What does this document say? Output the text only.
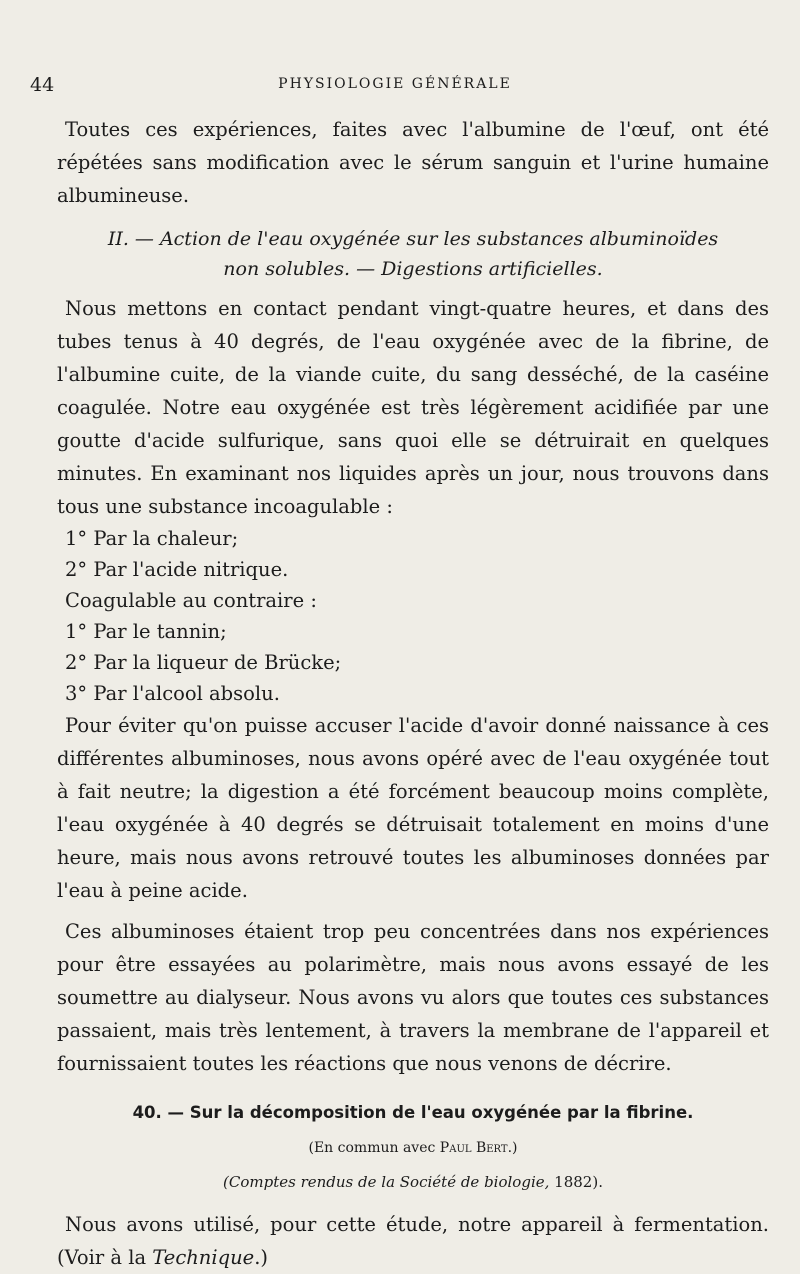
44	PHYSIOLOGIE GÉNÉRALE

Toutes ces expériences, faites avec l'albumine de l'œuf, ont été répétées sans modification avec le sérum sanguin et l'urine humaine albumineuse.

II. — Action de l'eau oxygénée sur les substances albuminoïdes
non solubles. — Digestions artificielles.

Nous mettons en contact pendant vingt-quatre heures, et dans des tubes tenus à 40 degrés, de l'eau oxygénée avec de la fibrine, de l'albumine cuite, de la viande cuite, du sang desséché, de la caséine coagulée. Notre eau oxygénée est très légèrement acidifiée par une goutte d'acide sulfurique, sans quoi elle se détruirait en quelques minutes. En examinant nos liquides après un jour, nous trouvons dans tous une substance incoagulable :

1° Par la chaleur;
2° Par l'acide nitrique.
Coagulable au contraire :
1° Par le tannin;
2° Par la liqueur de Brücke;
3° Par l'alcool absolu.

Pour éviter qu'on puisse accuser l'acide d'avoir donné naissance à ces différentes albuminoses, nous avons opéré avec de l'eau oxygénée tout à fait neutre; la digestion a été forcément beaucoup moins complète, l'eau oxygénée à 40 degrés se détruisait totalement en moins d'une heure, mais nous avons retrouvé toutes les albuminoses données par l'eau à peine acide.

Ces albuminoses étaient trop peu concentrées dans nos expériences pour être essayées au polarimètre, mais nous avons essayé de les soumettre au dialyseur. Nous avons vu alors que toutes ces substances passaient, mais très lentement, à travers la membrane de l'appareil et fournissaient toutes les réactions que nous venons de décrire.

40. — Sur la décomposition de l'eau oxygénée par la fibrine.
(En commun avec Paul Bert.)
(Comptes rendus de la Société de biologie, 1882).

Nous avons utilisé, pour cette étude, notre appareil à fermentation. (Voir à la Technique.)
